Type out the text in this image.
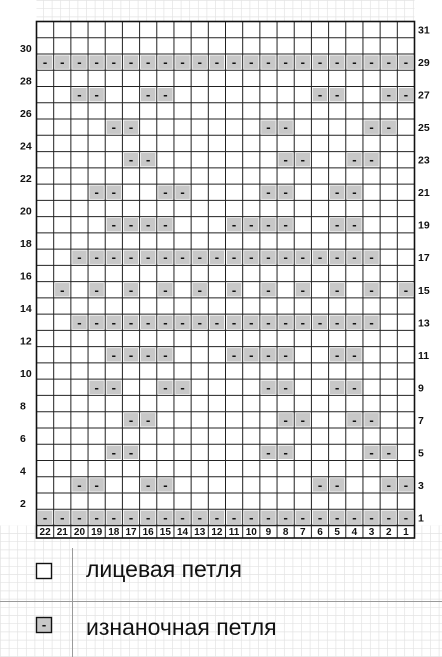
-
-
-
-
-
-
-
-
-
-
-
-
-
-
-
-
-
-
-
-
-
-
-
-
-
-
-
-
-
-
-
-
-
-
-
-
-
-
-
-
-
-
-
-
-
-
-
-
-
-
-
-
-
-
-
-
-
-
-
-
-
-
-
-
-
-
-
-
-
-
-
-
-
-
-
-
-
-
-
-
-
-
-
-
-
-
-
-
-
-
-
-
-
-
-
-
-
-
-
-
-
-
-
-
-
-
-
-
-
-
-
-
-
-
-
-
-
-
-
-
-
-
-
-
-
-
-
-
-
-
-
-
-
-
-
-
-
-
-
-
-
-
-
-
-
-
-
-
-
-
-
-
-
-
-
-
-
-
-
-
-
-
-
-
-
-
-
22 21 20 19 18 17 16 15 14 13 12 11 10 9 8 7 6 5 4 3 2 1
2
4
6
8
10
12
14
16
18
20
22
24
26
28
30
1
3
5
7
9
11
13
15
17
19
21
23
25
27
29
31
-
лицевая петля
изнаночная петля
